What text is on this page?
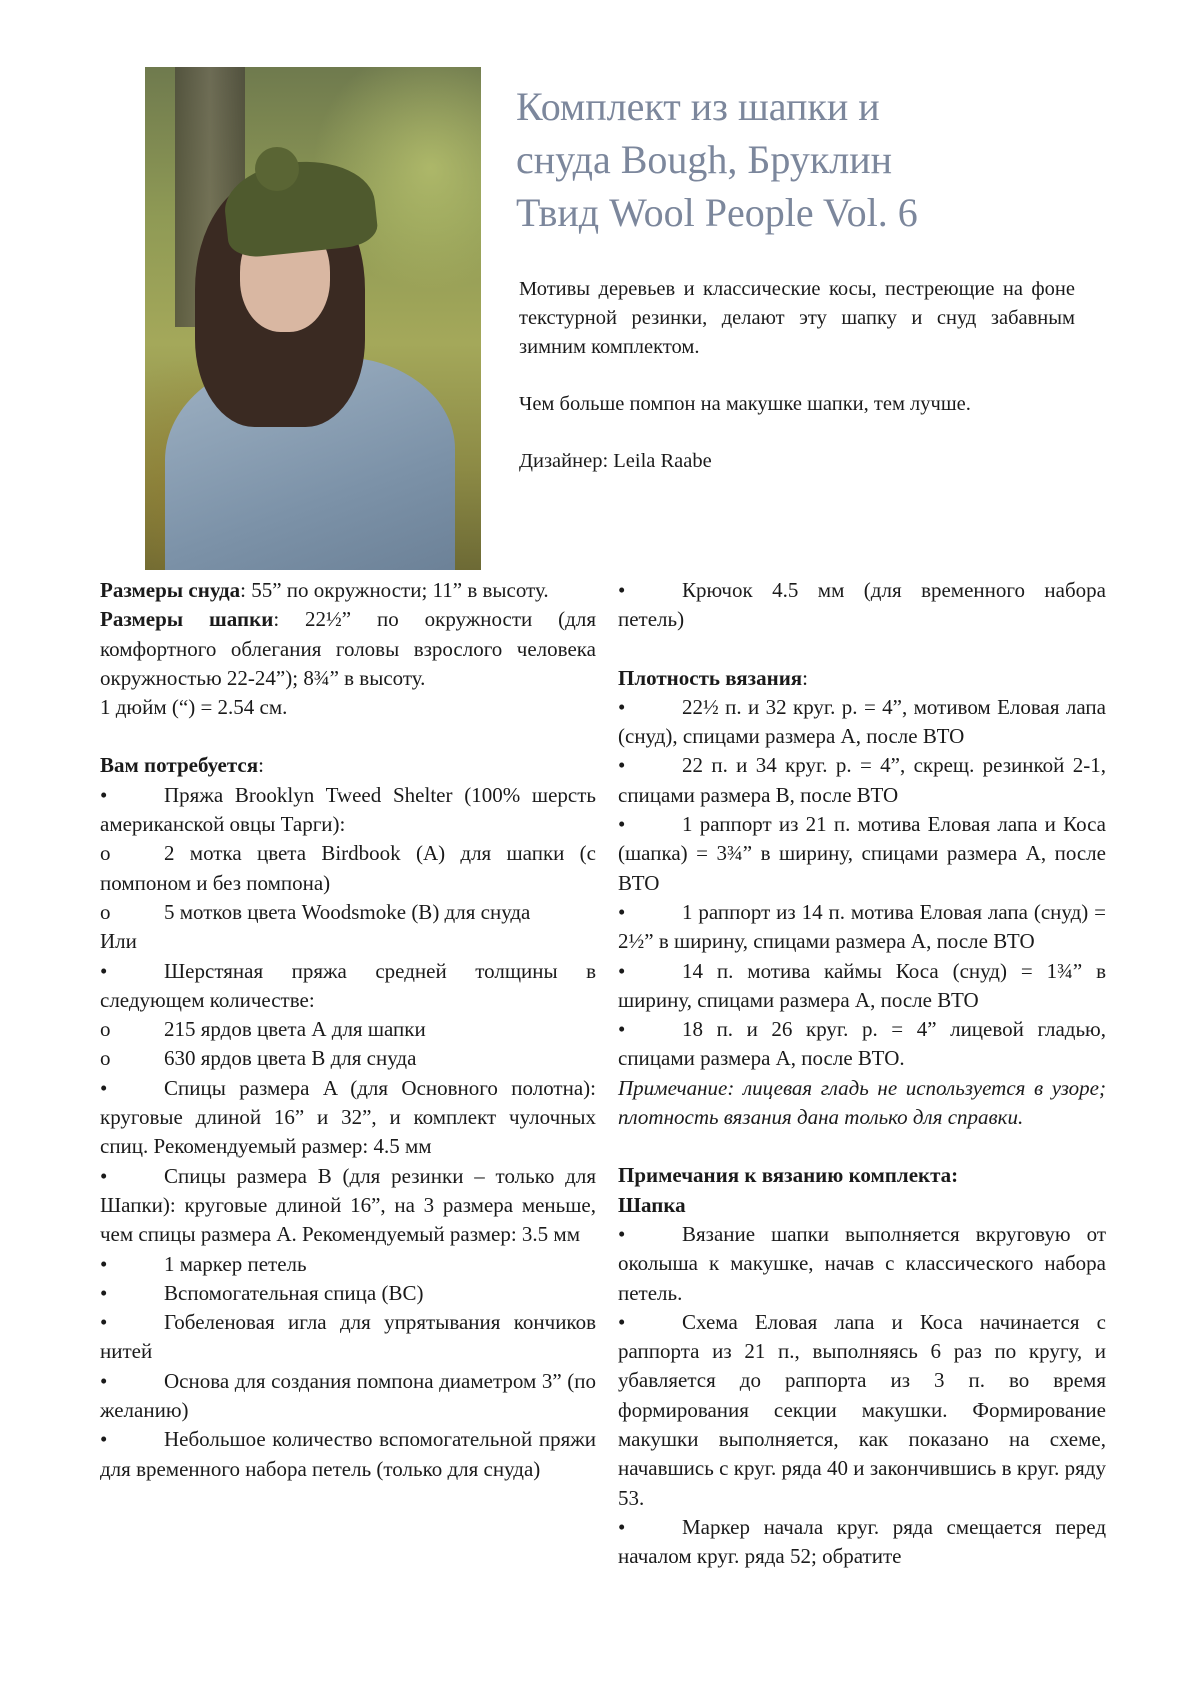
Комплект из шапки и
снуда Bough, Бруклин
Твид Wool People Vol. 6

Мотивы деревьев и классические косы, пестреющие на фоне текстурной резинки, делают эту шапку и снуд забавным зимним комплектом.

Чем больше помпон на макушке шапки, тем лучше.

Дизайнер: Leila Raabe

Размеры снуда: 55” по окружности; 11” в высоту.

Размеры шапки: 22½” по окружности (для комфортного облегания головы взрослого человека окружностью 22-24”); 8¾” в высоту.

1 дюйм (“) = 2.54 см.

Вам потребуется:

•	Пряжа Brooklyn Tweed Shelter (100% шерсть американской овцы Тарги):

o	2 мотка цвета Birdbook (A) для шапки (с помпоном и без помпона)

o	5 мотков цвета Woodsmoke (B) для снуда

Или

•	Шерстяная пряжа средней толщины в следующем количестве:

o	215 ярдов цвета А для шапки

o	630 ярдов цвета B для снуда

•	Спицы размера A (для Основного полотна): круговые длиной 16” и 32”, и комплект чулочных спиц. Рекомендуемый размер: 4.5 мм

•	Спицы размера B (для резинки – только для Шапки): круговые длиной 16”, на 3 размера меньше, чем спицы размера А. Рекомендуемый размер: 3.5 мм

•	1 маркер петель

•	Вспомогательная спица (ВС)

•	Гобеленовая игла для упрятывания кончиков нитей

•	Основа для создания помпона диаметром 3” (по желанию)

•	Небольшое количество вспомогательной пряжи для временного набора петель (только для снуда)

•	Крючок 4.5 мм (для временного набора петель)

Плотность вязания:

•	22½ п. и 32 круг. р. = 4”, мотивом Еловая лапа (снуд), спицами размера A, после ВТО

•	22 п. и 34 круг. р. = 4”, скрещ. резинкой 2-1, спицами размера B, после ВТО

•	1 раппорт из 21 п. мотива Еловая лапа и Коса (шапка) = 3¾” в ширину, спицами размера A, после ВТО

•	1 раппорт из 14 п. мотива Еловая лапа (снуд) = 2½” в ширину, спицами размера A, после ВТО

•	14 п. мотива каймы Коса (снуд) = 1¾” в ширину, спицами размера A, после ВТО

•	18 п. и 26 круг. р. = 4” лицевой гладью, спицами размера A, после ВТО.

Примечание: лицевая гладь не используется в узоре; плотность вязания дана только для справки.

Примечания к вязанию комплекта:

Шапка

•	Вязание шапки выполняется вкруговую от околыша к макушке, начав с классического набора петель.

•	Схема Еловая лапа и Коса начинается с раппорта из 21 п., выполняясь 6 раз по кругу, и убавляется до раппорта из 3 п. во время формирования секции макушки. Формирование макушки выполняется, как показано на схеме, начавшись с круг. ряда 40 и закончившись в круг. ряду 53.

•	Маркер начала круг. ряда смещается перед началом круг. ряда 52; обратите
